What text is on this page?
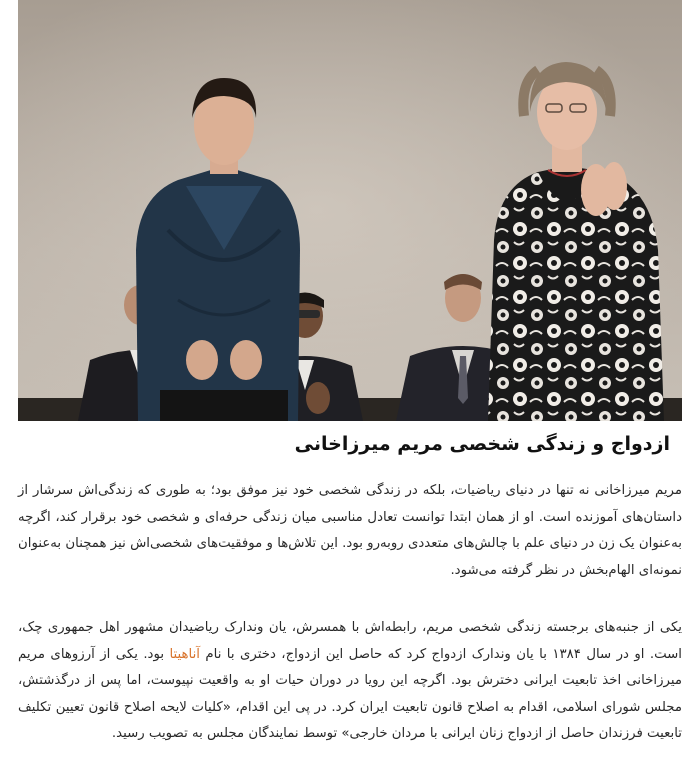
ازدواج و زندگی شخصی مریم میرزاخانی

مریم میرزاخانی نه تنها در دنیای ریاضیات، بلکه در زندگی شخصی خود نیز موفق بود؛ به طوری که زندگی‌اش سرشار از داستان‌های آموزنده است. او از همان ابتدا توانست تعادل مناسبی میان زندگی حرفه‌ای و شخصی خود برقرار کند، اگرچه به‌عنوان یک زن در دنیای علم با چالش‌های متعددی روبه‌رو بود. این تلاش‌ها و موفقیت‌های شخصی‌اش نیز همچنان به‌عنوان نمونه‌ای الهام‌بخش در نظر گرفته می‌شود.

یکی از جنبه‌های برجسته زندگی شخصی مریم، رابطه‌اش با همسرش، یان وندارک ریاضیدان مشهور اهل جمهوری چک، است. او در سال ۱۳۸۴ با یان وندارک ازدواج کرد که حاصل این ازدواج، دختری با نام آناهیتا بود. یکی از آرزوهای مریم میرزاخانی اخذ تابعیت ایرانی دخترش بود. اگرچه این رویا در دوران حیات او به واقعیت نپیوست، اما پس از درگذشتش، مجلس شورای اسلامی، اقدام به اصلاح قانون تابعیت ایران کرد. در پی این اقدام، «کلیات لایحه اصلاح قانون تعیین تکلیف تابعیت فرزندان حاصل از ازدواج زنان ایرانی با مردان خارجی» توسط نمایندگان مجلس به تصویب رسید.
